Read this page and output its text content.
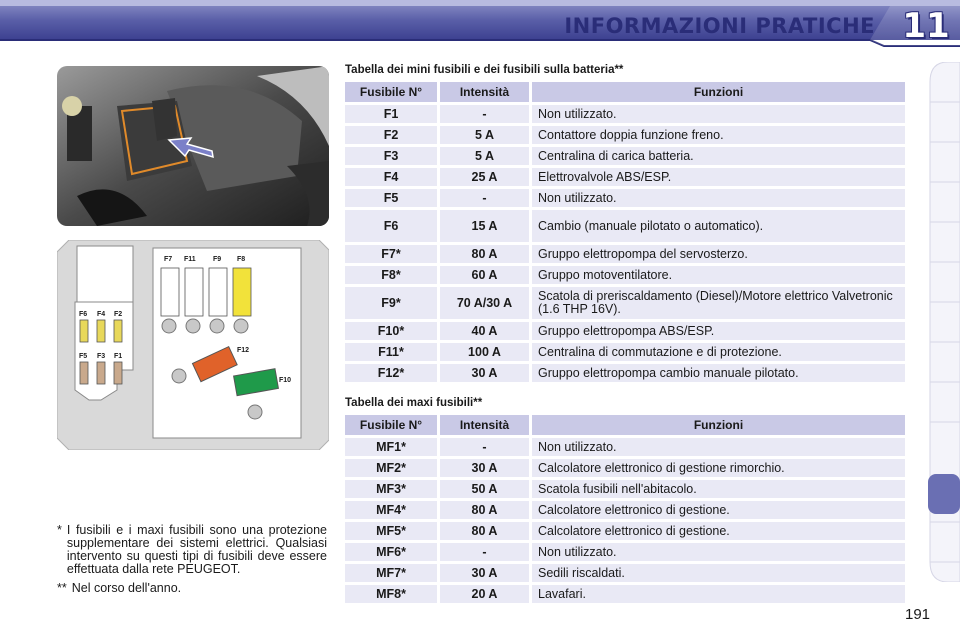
INFORMAZIONI PRATICHE 11
F6 F4 F2
F5 F3 F1
F7 F11 F9 F8
F12
F10
Tabella dei mini fusibili e dei fusibili sulla batteria**
Fusibile N°	Intensità	Funzioni
F1	-	Non utilizzato.
F2	5 A	Contattore doppia funzione freno.
F3	5 A	Centralina di carica batteria.
F4	25 A	Elettrovalvole ABS/ESP.
F5	-	Non utilizzato.
F6	15 A	Cambio (manuale pilotato o automatico).
F7*	80 A	Gruppo elettropompa del servosterzo.
F8*	60 A	Gruppo motoventilatore.
F9*	70 A/30 A	Scatola di preriscaldamento (Diesel)/Motore elettrico Valvetronic (1.6 THP 16V).
F10*	40 A	Gruppo elettropompa ABS/ESP.
F11*	100 A	Centralina di commutazione e di protezione.
F12*	30 A	Gruppo elettropompa cambio manuale pilotato.
Tabella dei maxi fusibili**
Fusibile N°	Intensità	Funzioni
MF1*	-	Non utilizzato.
MF2*	30 A	Calcolatore elettronico di gestione rimorchio.
MF3*	50 A	Scatola fusibili nell'abitacolo.
MF4*	80 A	Calcolatore elettronico di gestione.
MF5*	80 A	Calcolatore elettronico di gestione.
MF6*	-	Non utilizzato.
MF7*	30 A	Sedili riscaldati.
MF8*	20 A	Lavafari.
* I fusibili e i maxi fusibili sono una protezione supplementare dei sistemi elettrici. Qualsiasi intervento su questi tipi di fusibili deve essere effettuata dalla rete PEUGEOT.
** Nel corso dell'anno.
191
